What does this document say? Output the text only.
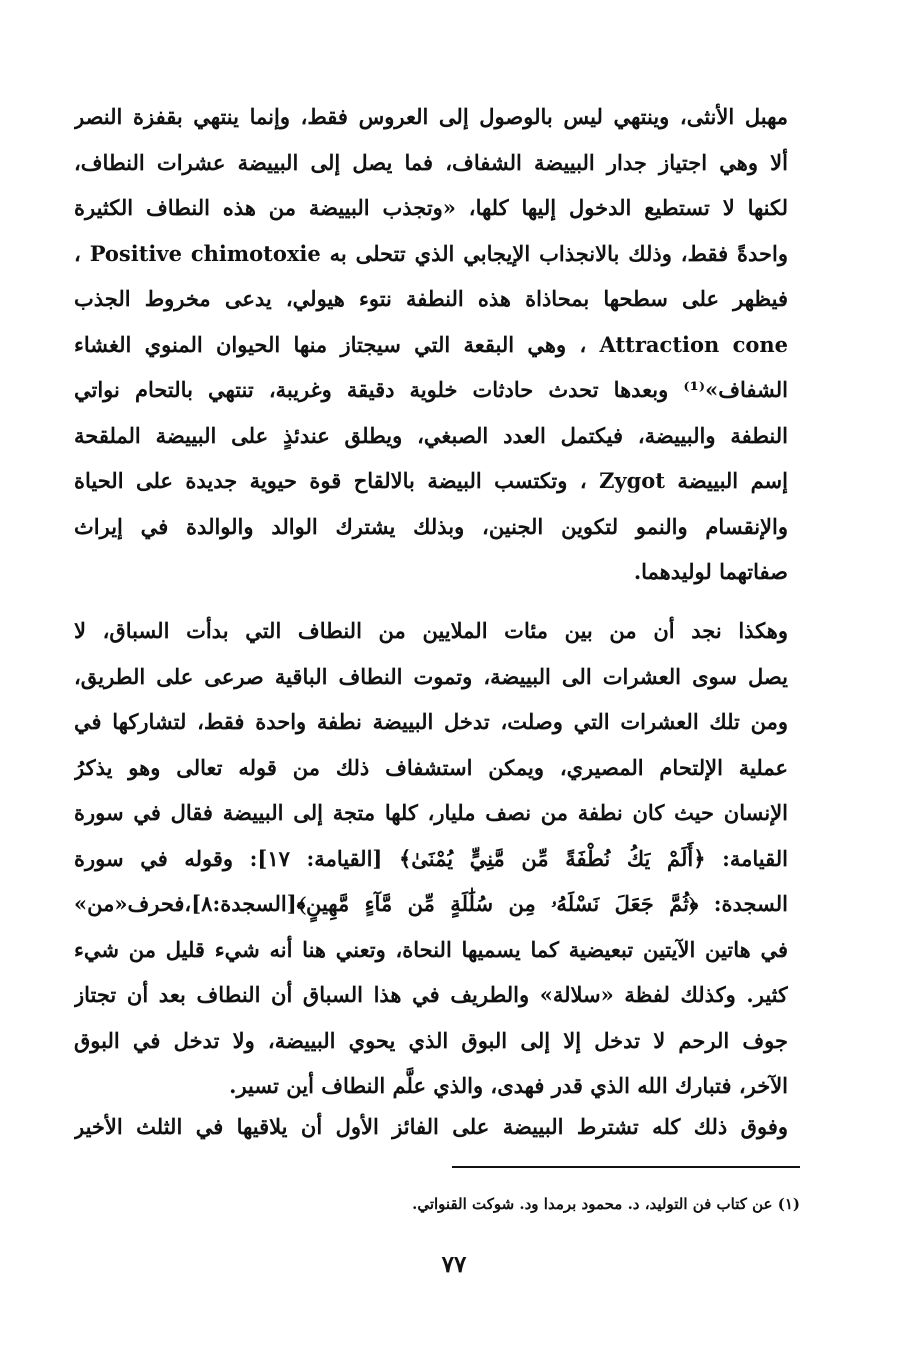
مهبل الأنثى، وينتهي ليس بالوصول إلى العروس فقط، وإنما ينتهي بقفزة النصر
ألا وهي اجتياز جدار البييضة الشفاف، فما يصل إلى البييضة عشرات النطاف،
لكنها لا تستطيع الدخول إليها كلها، «وتجذب البييضة من هذه النطاف الكثيرة
واحدةً فقط، وذلك بالانجذاب الإيجابي الذي تتحلى به Positive chimotoxie ،
فيظهر على سطحها بمحاذاة هذه النطفة نتوء هيولي، يدعى مخروط الجذب
Attraction cone ، وهي البقعة التي سيجتاز منها الحيوان المنوي الغشاء
الشفاف»⁽¹⁾ وبعدها تحدث حادثات خلوية دقيقة وغريبة، تنتهي بالتحام نواتي
النطفة والبييضة، فيكتمل العدد الصبغي، ويطلق عندئذٍ على البييضة الملقحة
إسم البييضة Zygot ، وتكتسب البيضة بالالقاح قوة حيوية جديدة على الحياة
والإنقسام والنمو لتكوين الجنين، وبذلك يشترك الوالد والوالدة في إيراث
صفاتهما لوليدهما.
وهكذا نجد أن من بين مئات الملايين من النطاف التي بدأت السباق، لا
يصل سوى العشرات الى البييضة، وتموت النطاف الباقية صرعى على الطريق،
ومن تلك العشرات التي وصلت، تدخل البييضة نطفة واحدة فقط، لتشاركها في
عملية الإلتحام المصيري، ويمكن استشفاف ذلك من قوله تعالى وهو يذكرُ
الإنسان حيث كان نطفة من نصف مليار، كلها متجة إلى البييضة فقال في سورة
القيامة: ﴿أَلَمْ يَكُ نُطْفَةً مِّن مَّنِيٍّ يُمْنَىٰ﴾ [القيامة: ١٧]: وقوله في سورة
السجدة: ﴿ثُمَّ جَعَلَ نَسْلَهُۥ مِن سُلَٰلَةٍ مِّن مَّآءٍ مَّهِينٍ﴾[السجدة:٨]،فحرف«من»
في هاتين الآيتين تبعيضية كما يسميها النحاة، وتعني هنا أنه شيء قليل من شيء
كثير. وكذلك لفظة «سلالة» والطريف في هذا السباق أن النطاف بعد أن تجتاز
جوف الرحم لا تدخل إلا إلى البوق الذي يحوي البييضة، ولا تدخل في البوق
الآخر، فتبارك الله الذي قدر فهدى، والذي علَّم النطاف أين تسير.
وفوق ذلك كله تشترط البييضة على الفائز الأول أن يلاقيها في الثلث الأخير
(١) عن كتاب فن التوليد، د. محمود برمدا ود. شوكت القنواتي.
٧٧
